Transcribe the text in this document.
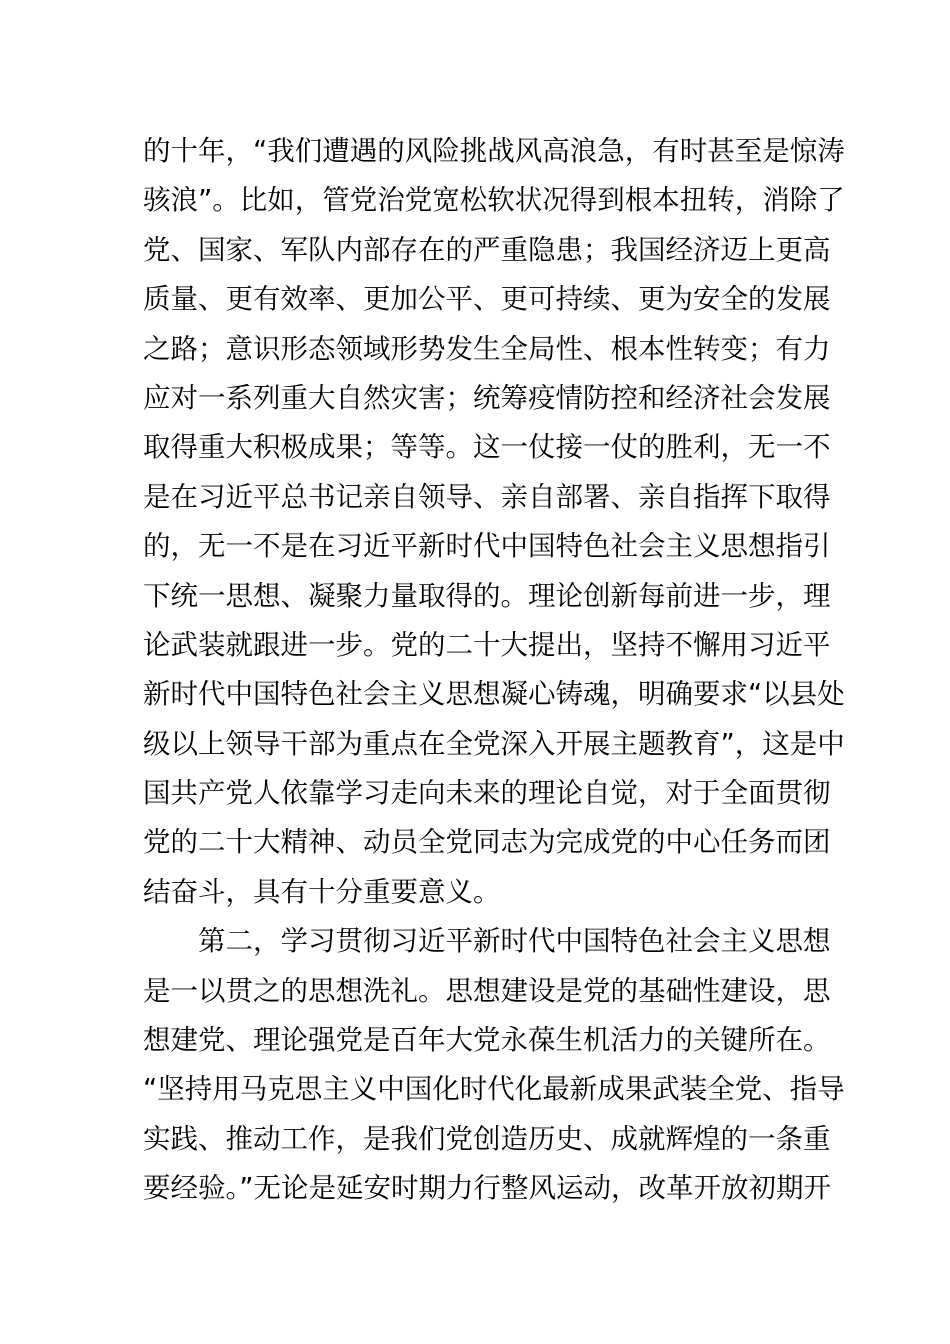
的十年，“我们遭遇的风险挑战风高浪急，有时甚至是惊涛
骇浪”。比如，管党治党宽松软状况得到根本扭转，消除了
党、国家、军队内部存在的严重隐患；我国经济迈上更高
质量、更有效率、更加公平、更可持续、更为安全的发展
之路；意识形态领域形势发生全局性、根本性转变；有力
应对一系列重大自然灾害；统筹疫情防控和经济社会发展
取得重大积极成果；等等。这一仗接一仗的胜利，无一不
是在习近平总书记亲自领导、亲自部署、亲自指挥下取得
的，无一不是在习近平新时代中国特色社会主义思想指引
下统一思想、凝聚力量取得的。理论创新每前进一步，理
论武装就跟进一步。党的二十大提出，坚持不懈用习近平
新时代中国特色社会主义思想凝心铸魂，明确要求“以县处
级以上领导干部为重点在全党深入开展主题教育”，这是中
国共产党人依靠学习走向未来的理论自觉，对于全面贯彻
党的二十大精神、动员全党同志为完成党的中心任务而团
结奋斗，具有十分重要意义。
第二，学习贯彻习近平新时代中国特色社会主义思想
是一以贯之的思想洗礼。思想建设是党的基础性建设，思
想建党、理论强党是百年大党永葆生机活力的关键所在。
“坚持用马克思主义中国化时代化最新成果武装全党、指导
实践、推动工作，是我们党创造历史、成就辉煌的一条重
要经验。”无论是延安时期力行整风运动，改革开放初期开
